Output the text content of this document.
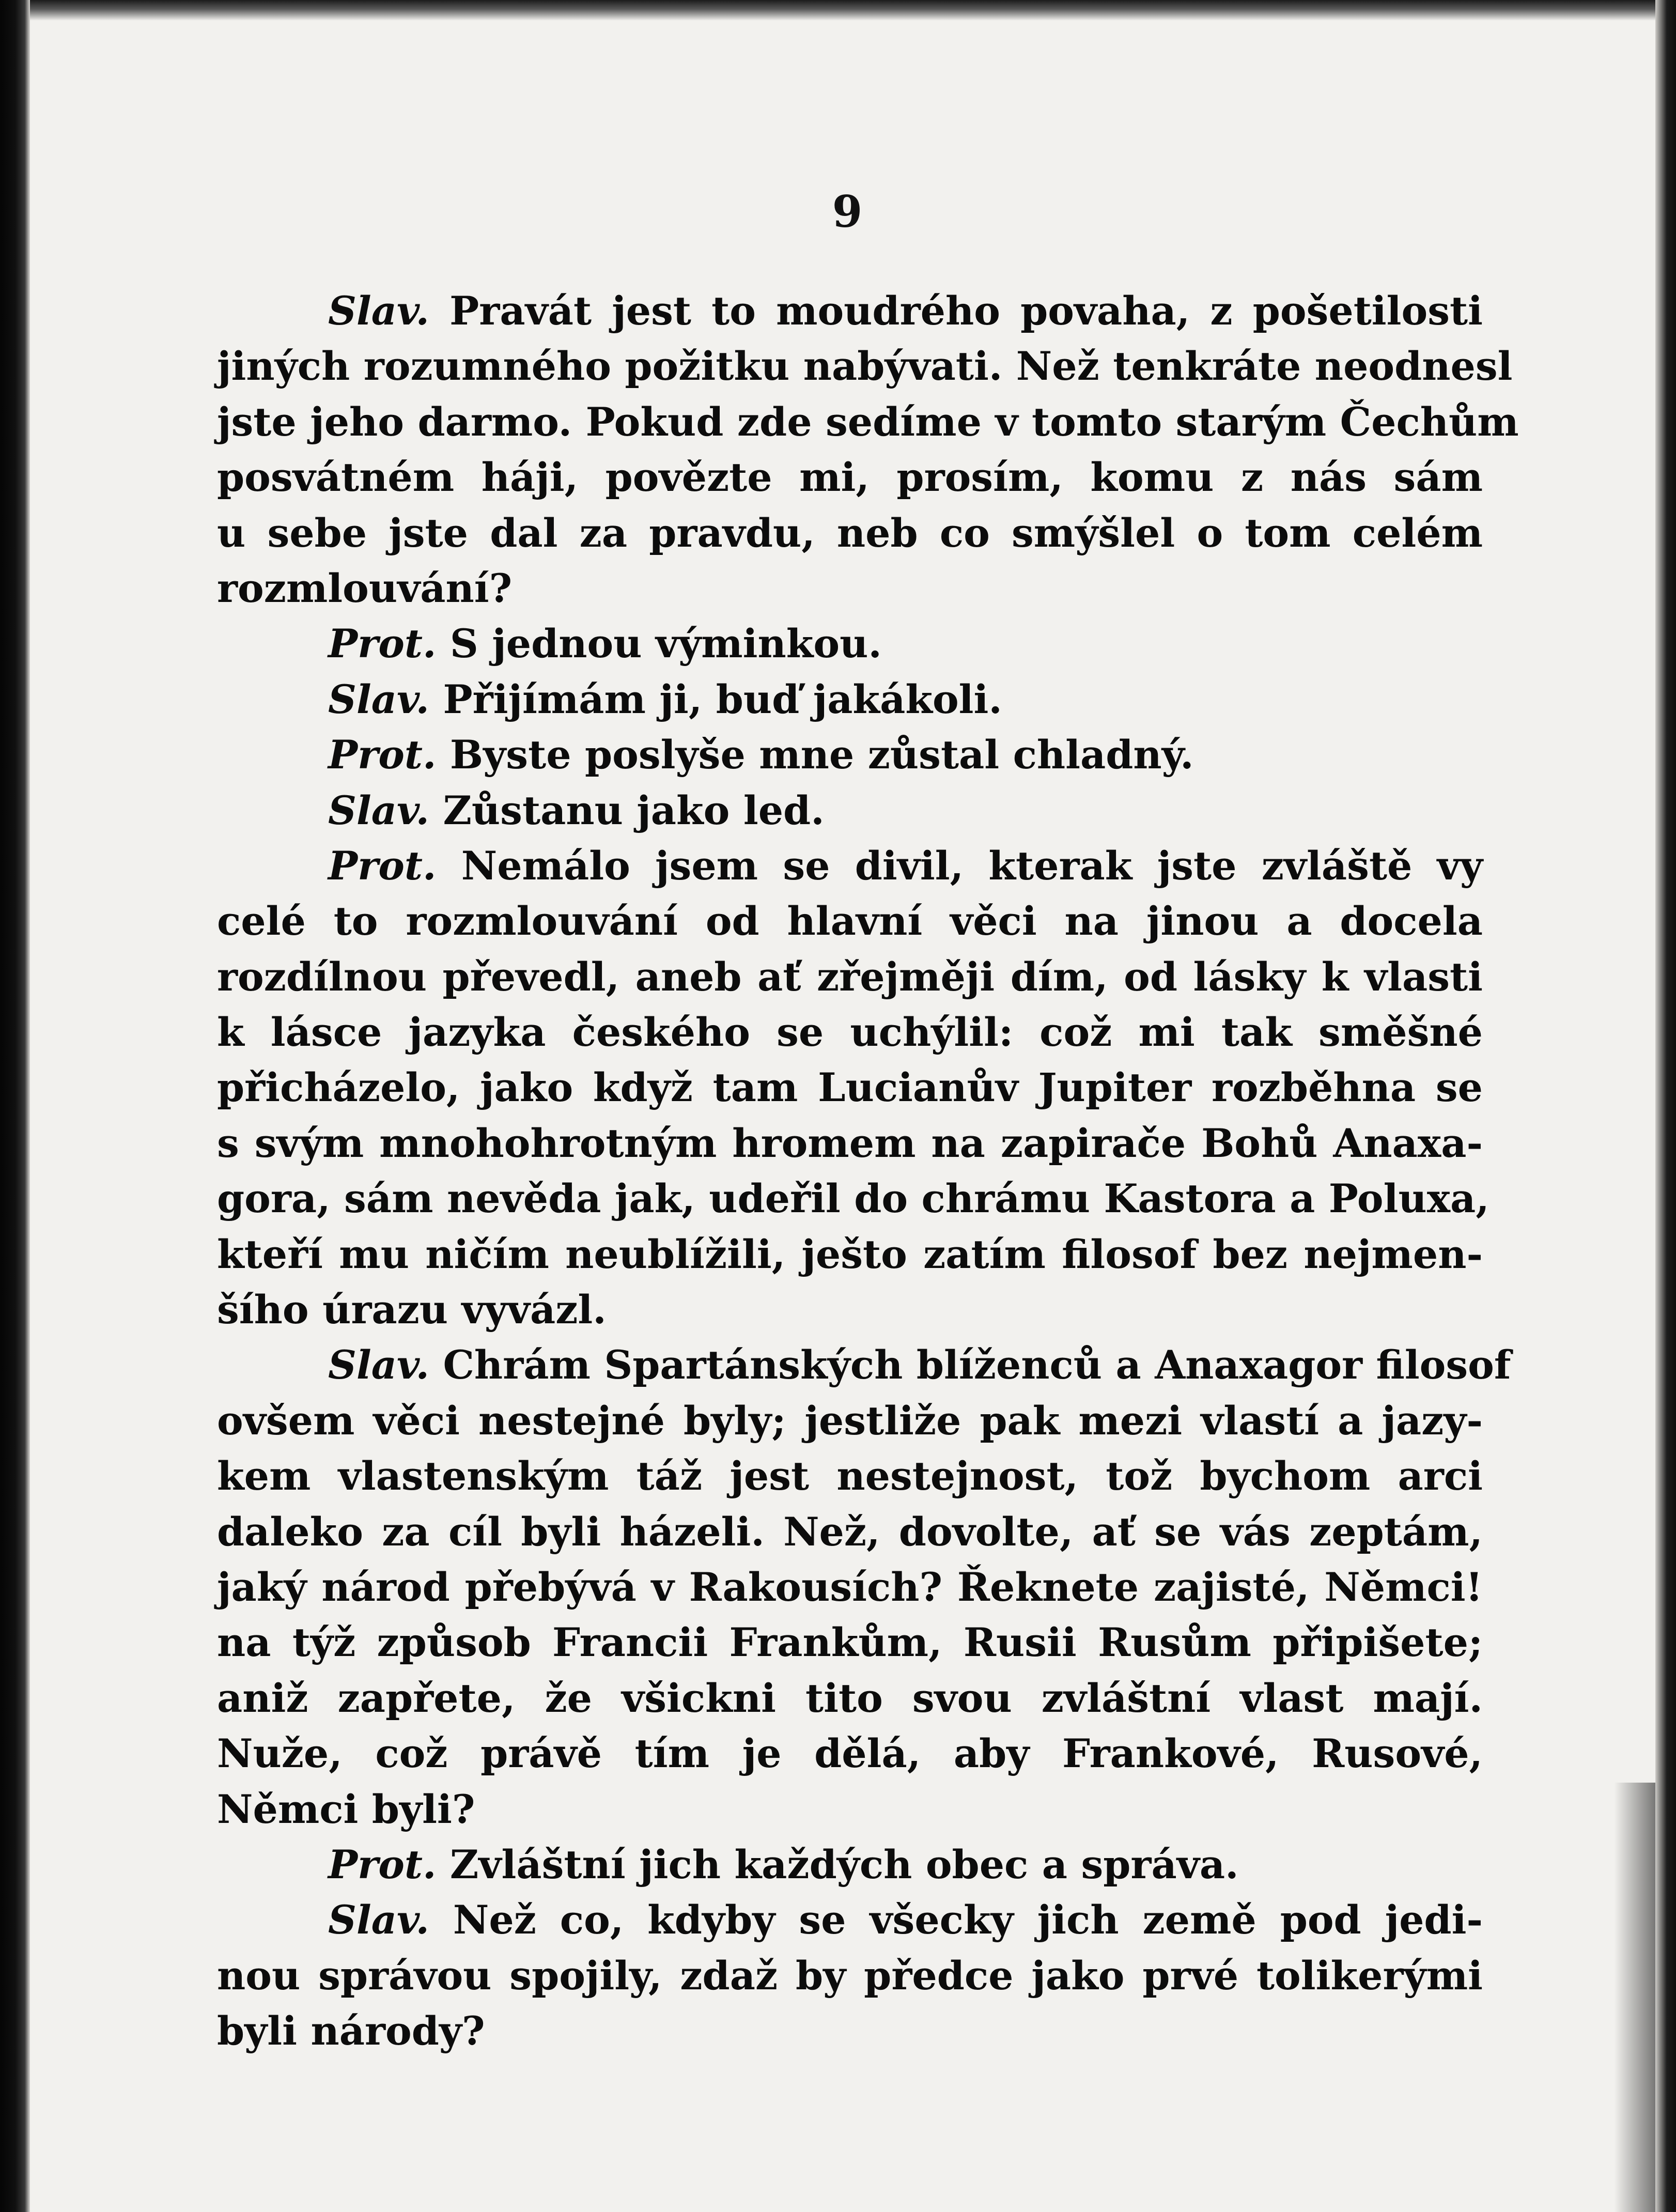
9
Slav. Pravát jest to moudrého povaha, z pošetilosti
jiných rozumného požitku nabývati. Než tenkráte neodnesl
jste jeho darmo. Pokud zde sedíme v tomto starým Čechům
posvátném háji, povězte mi, prosím, komu z nás sám
u sebe jste dal za pravdu, neb co smýšlel o tom celém
rozmlouvání?
Prot. S jednou výminkou.
Slav. Přijímám ji, buď jakákoli.
Prot. Byste poslyše mne zůstal chladný.
Slav. Zůstanu jako led.
Prot. Nemálo jsem se divil, kterak jste zvláště vy
celé to rozmlouvání od hlavní věci na jinou a docela
rozdílnou převedl, aneb ať zřejměji dím, od lásky k vlasti
k lásce jazyka českého se uchýlil: což mi tak směšné
přicházelo, jako když tam Lucianův Jupiter rozběhna se
s svým mnohohrotným hromem na zapirače Bohů Anaxa-
gora, sám nevěda jak, udeřil do chrámu Kastora a Poluxa,
kteří mu ničím neublížili, ješto zatím filosof bez nejmen-
šího úrazu vyvázl.
Slav. Chrám Spartánských blíženců a Anaxagor filosof
ovšem věci nestejné byly; jestliže pak mezi vlastí a jazy-
kem vlastenským táž jest nestejnost, tož bychom arci
daleko za cíl byli házeli. Než, dovolte, ať se vás zeptám,
jaký národ přebývá v Rakousích? Řeknete zajisté, Němci!
na týž způsob Francii Frankům, Rusii Rusům připišete;
aniž zapřete, že všickni tito svou zvláštní vlast mají.
Nuže, což právě tím je dělá, aby Frankové, Rusové,
Němci byli?
Prot. Zvláštní jich každých obec a správa.
Slav. Než co, kdyby se všecky jich země pod jedi-
nou správou spojily, zdaž by předce jako prvé tolikerými
byli národy?
